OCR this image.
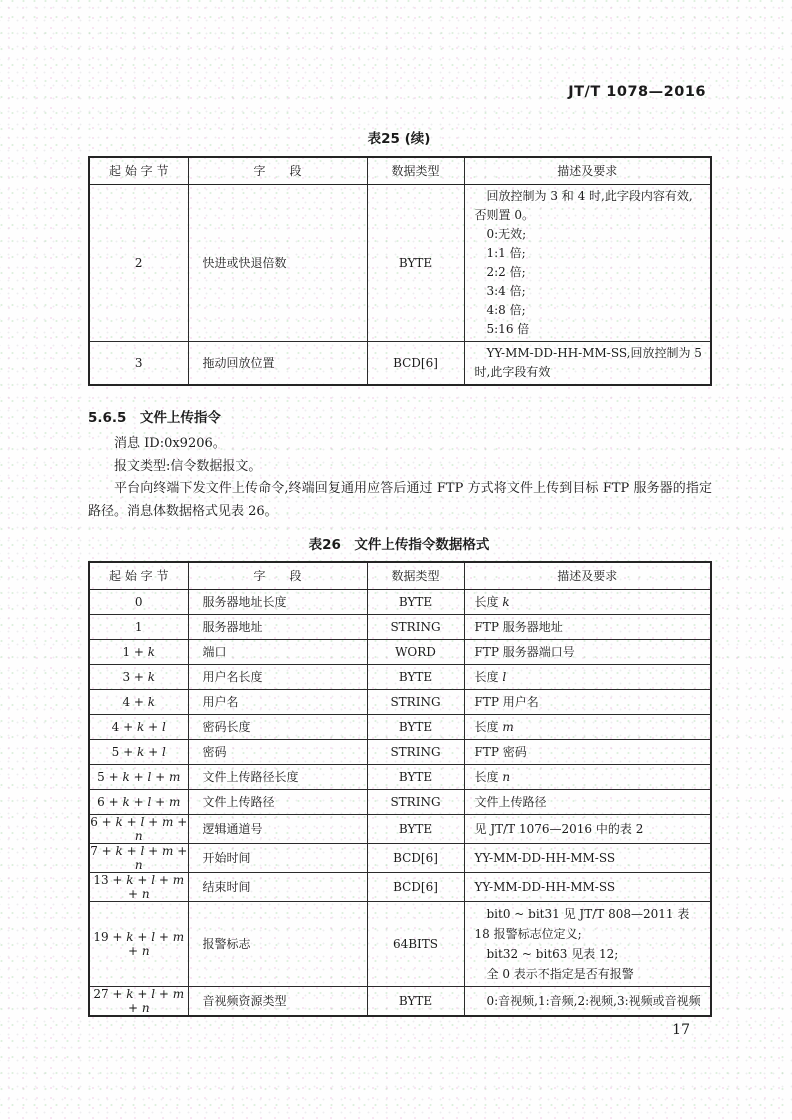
JT/T 1078—2016
表25 (续)
起 始 字 节	字　　段	数据类型	描述及要求
2	快进或快退倍数	BYTE	
　回放控制为 3 和 4 时,此字段内容有效,否则置 0。
　0:无效;
　1:1 倍;
　2:2 倍;
　3:4 倍;
　4:8 倍;
　5:16 倍

3	拖动回放位置	BCD[6]	　YY-MM-DD-HH-MM-SS,回放控制为 5 时,此字段有效
5.6.5　文件上传指令

消息 ID:0x9206。

报文类型:信令数据报文。

平台向终端下发文件上传命令,终端回复通用应答后通过 FTP 方式将文件上传到目标 FTP 服务器的指定路径。消息体数据格式见表 26。

表26　文件上传指令数据格式
起 始 字 节	字　　段	数据类型	描述及要求
0	服务器地址长度	BYTE	长度 k

1	服务器地址	STRING	FTP 服务器地址

1 + k	端口	WORD	FTP 服务器端口号

3 + k	用户名长度	BYTE	长度 l

4 + k	用户名	STRING	FTP 用户名

4 + k + l	密码长度	BYTE	长度 m

5 + k + l	密码	STRING	FTP 密码

5 + k + l + m	文件上传路径长度	BYTE	长度 n

6 + k + l + m	文件上传路径	STRING	文件上传路径

6 + k + l + m + n	逻辑通道号	BYTE	见 JT/T 1076—2016 中的表 2

7 + k + l + m + n	开始时间	BCD[6]	YY-MM-DD-HH-MM-SS

13 + k + l + m + n	结束时间	BCD[6]	YY-MM-DD-HH-MM-SS

19 + k + l + m + n	报警标志	64BITS	　bit0 ~ bit31 见 JT/T 808—2011 表 18 报警标志位定义;
　bit32 ~ bit63 见表 12;
　全 0 表示不指定是否有报警

27 + k + l + m + n	音视频资源类型	BYTE	　0:音视频,1:音频,2:视频,3:视频或音视频
17
